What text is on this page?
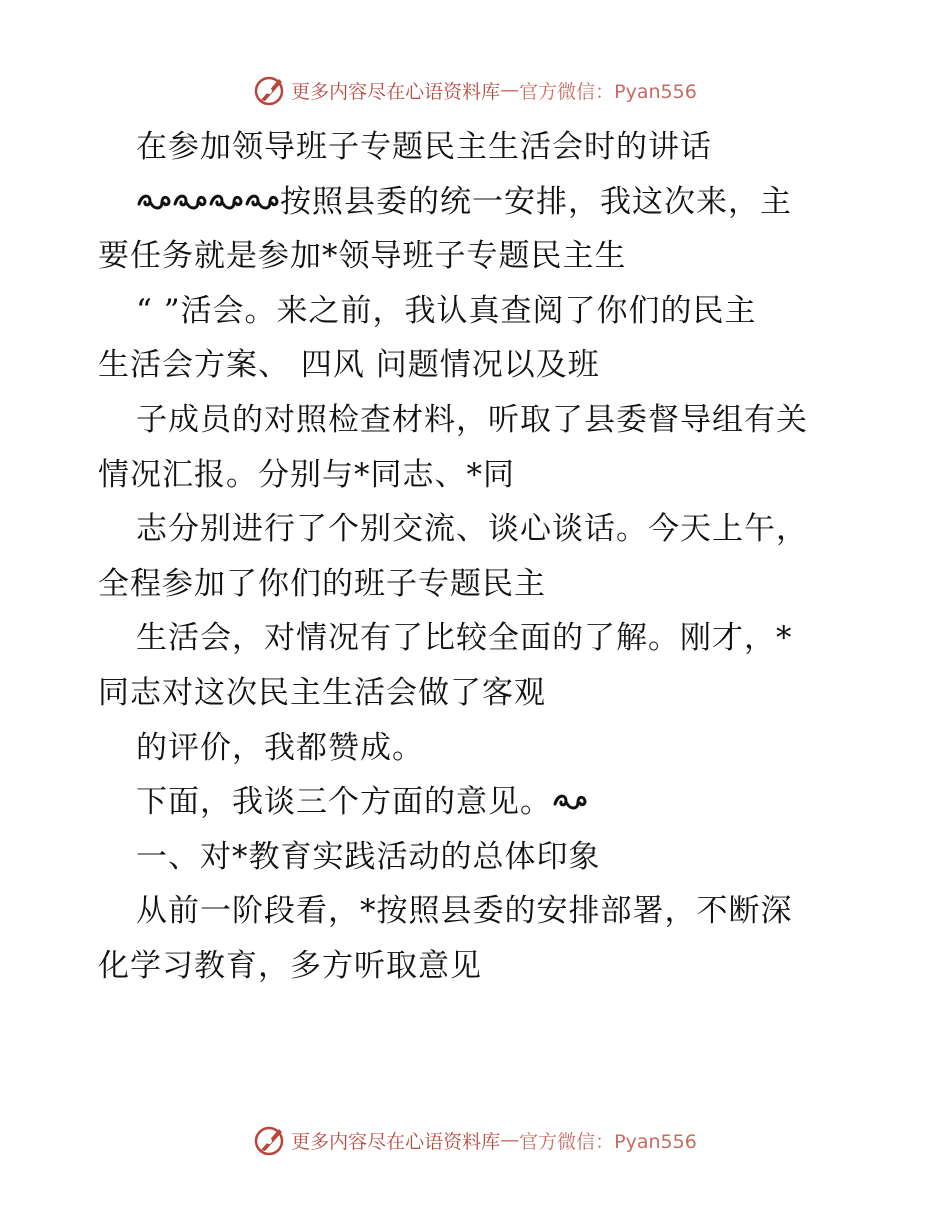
更多内容尽在心语资料库 — 官方微信：Pyan556
在参加领导班子专题民主生活会时的讲话
按照县委的统一安排，我这次来，主
要任务就是参加*领导班子专题民主生
“ ”活会。来之前，我认真查阅了你们的民主
生活会方案、 四风 问题情况以及班
子成员的对照检查材料，听取了县委督导组有关
情况汇报。分别与*同志、*同
志分别进行了个别交流、谈心谈话。今天上午，
全程参加了你们的班子专题民主
生活会，对情况有了比较全面的了解。刚才，*
同志对这次民主生活会做了客观
的评价，我都赞成。
下面，我谈三个方面的意见。
一、对*教育实践活动的总体印象
从前一阶段看，*按照县委的安排部署，不断深
化学习教育，多方听取意见
更多内容尽在心语资料库 — 官方微信：Pyan556
